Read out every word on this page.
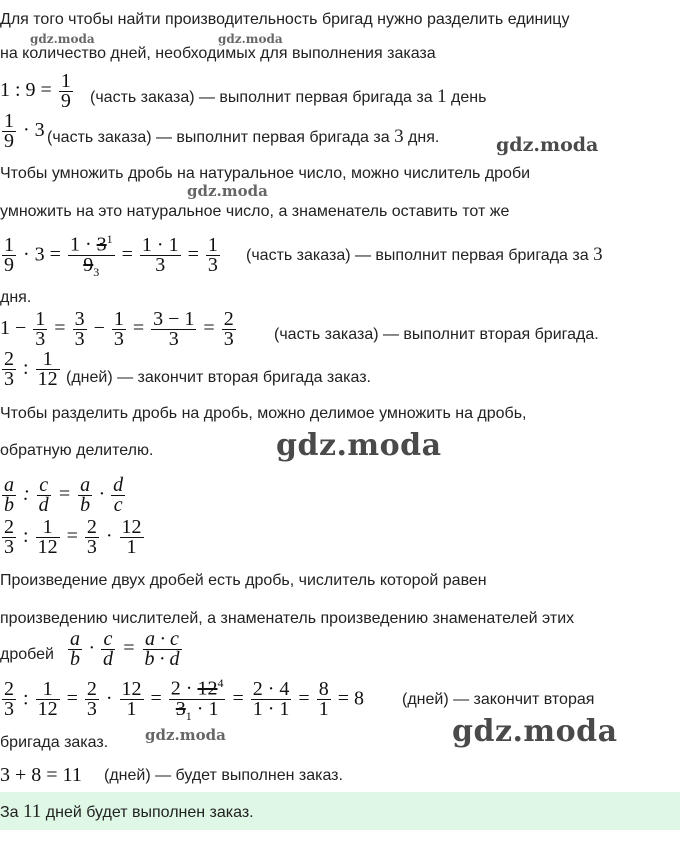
gdz.moda	gdz.moda
gdz.moda
gdz.moda
gdz.moda
gdz.moda	gdz.moda
Для того чтобы найти производительность бригад нужно разделить единицу
на количество дней, необходимых для выполнения заказа
1 : $9 = \frac{1}{9}$ (часть заказа) — выполнит первая бригада за 1 день
$\frac{1}{9} \cdot 3$ (часть заказа) — выполнит первая бригада за 3 дня.
Чтобы умножить дробь на натуральное число, можно числитель дроби
умножить на это натуральное число, а знаменатель оставить тот же
$\frac{1}{9} \cdot 3 = \frac{1 \cdot 3^1}{9_3} = \frac{1 \cdot 1}{3} = \frac{1}{3}$ (часть заказа) — выполнит первая бригада за 3
дня.
$1 - \frac{1}{3} = \frac{3}{3} - \frac{1}{3} = \frac{3 - 1}{3} = \frac{2}{3}$ (часть заказа) — выполнит вторая бригада.
$\frac{2}{3}$ : $\frac{1}{12}$ (дней) — закончит вторая бригада заказ.
Чтобы разделить дробь на дробь, можно делимое умножить на дробь,
обратную делителю.
$\frac{a}{b}$ : $\frac{c}{d} = \frac{a}{b} \cdot \frac{d}{c}$
$\frac{2}{3}$ : $\frac{1}{12} = \frac{2}{3} \cdot \frac{12}{1}$
Произведение двух дробей есть дробь, числитель которой равен
произведению числителей, а знаменатель произведению знаменателей этих
дробей $\frac{a}{b} \cdot \frac{c}{d} = \frac{a \cdot c}{b \cdot d}$
$\frac{2}{3}$ : $\frac{1}{12} = \frac{2}{3} \cdot \frac{12}{1} = \frac{2 \cdot 12^4}{3_1 \cdot 1} = \frac{2 \cdot 4}{1 \cdot 1} = \frac{8}{1} = 8$ (дней) — закончит вторая
бригада заказ.
3 + 8 = 11 (дней) — будет выполнен заказ.
За 11 дней будет выполнен заказ.
